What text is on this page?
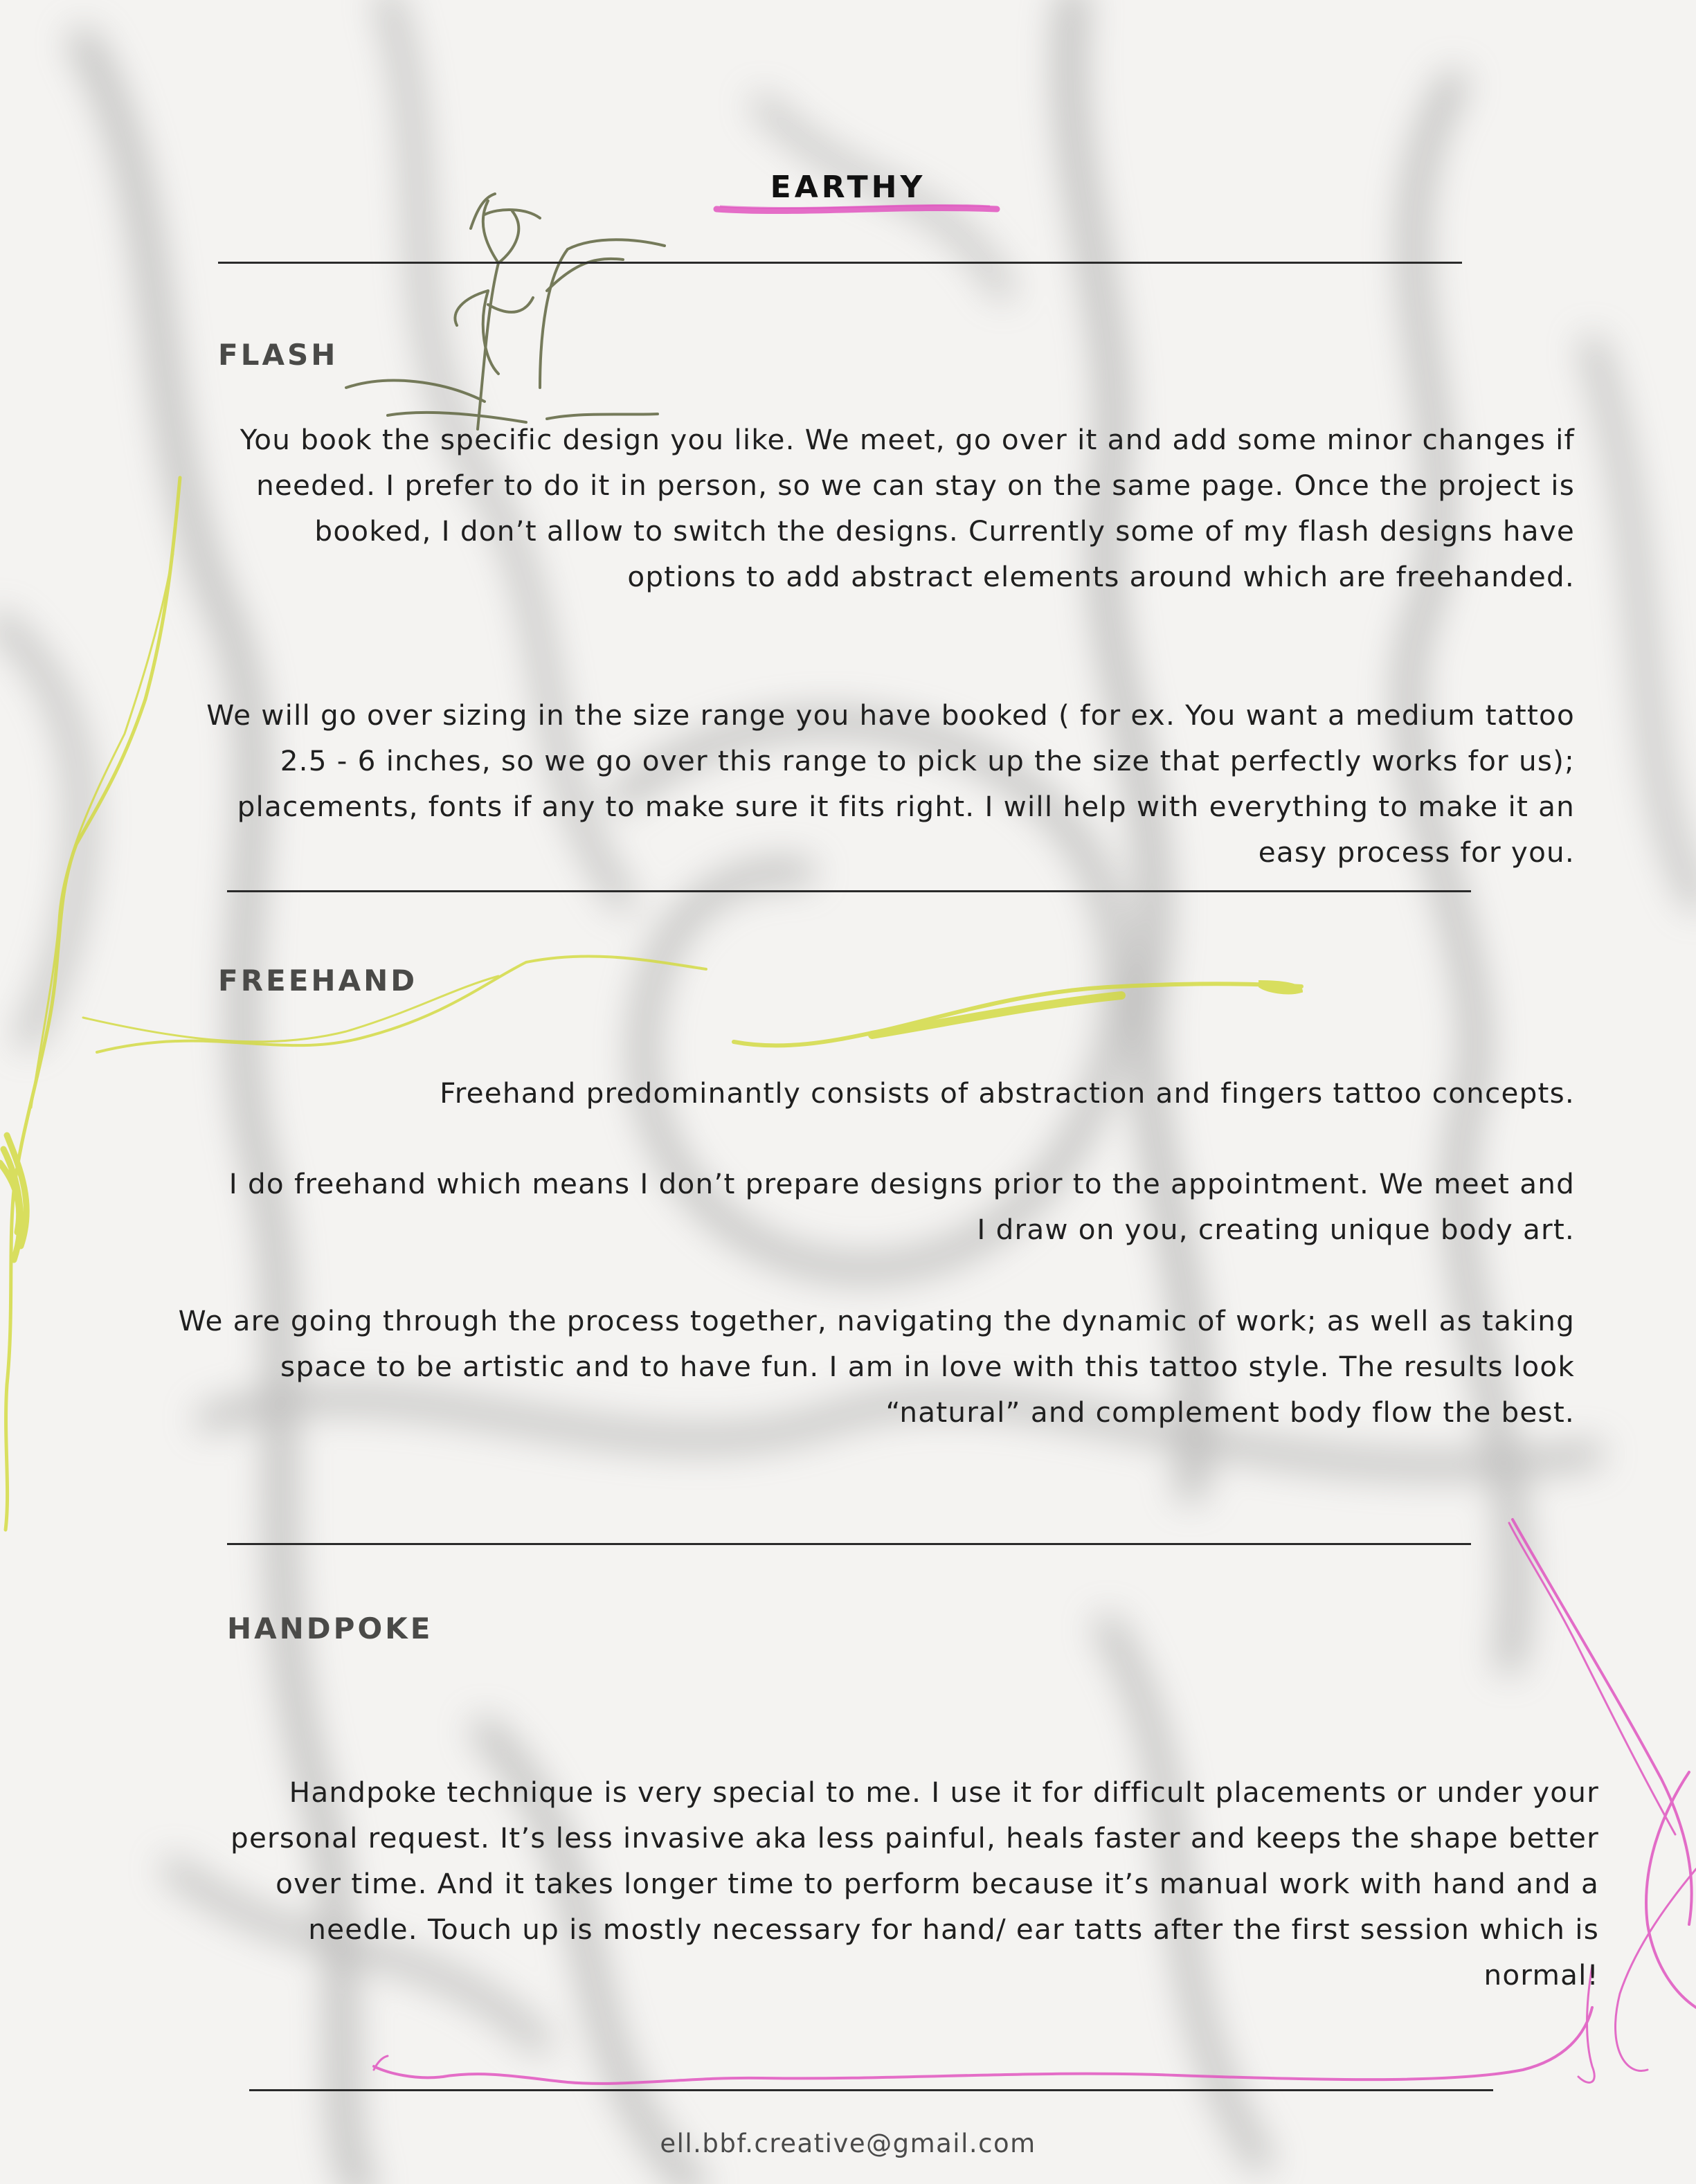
EARTHY
FLASH

You book the specific design you like. We meet, go over it and add some minor changes if needed. I prefer to do it in person, so we can stay on the same page. Once the project is booked, I don’t allow to switch the designs. Currently some of my flash designs have options to add abstract elements around which are freehanded.

We will go over sizing in the size range you have booked ( for ex. You want a medium tattoo 2.5 - 6 inches, so we go over this range to pick up the size that perfectly works for us); placements, fonts if any to make sure it fits right. I will help with everything to make it an easy process for you.

FREEHAND

Freehand predominantly consists of abstraction and fingers tattoo concepts.

I do freehand which means I don’t prepare designs prior to the appointment. We meet and I draw on you, creating unique body art.

We are going through the process together, navigating the dynamic of work; as well as taking space to be artistic and to have fun. I am in love with this tattoo style. The results look “natural” and complement body flow the best.

HANDPOKE

Handpoke technique is very special to me. I use it for difficult placements or under your personal request. It’s less invasive aka less painful, heals faster and keeps the shape better over time. And it takes longer time to perform because it’s manual work with hand and a needle. Touch up is mostly necessary for hand/ ear tatts after the first session which is normal!

ell.bbf.creative@gmail.com
